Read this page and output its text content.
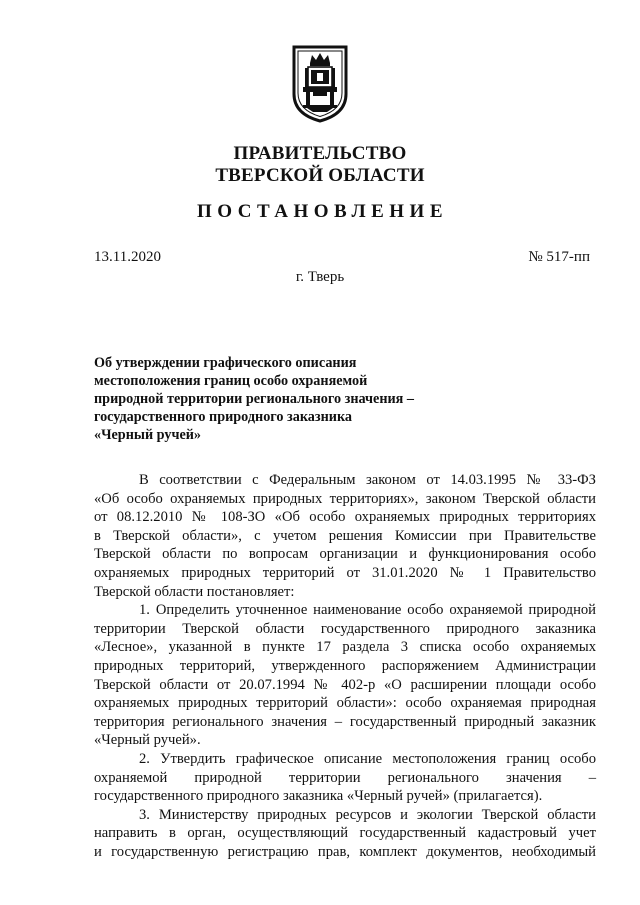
ПРАВИТЕЛЬСТВО
ТВЕРСКОЙ ОБЛАСТИ
ПОСТАНОВЛЕНИЕ
13.11.2020	№ 517-пп
г. Тверь
Об утверждении графического описания
местоположения границ особо охраняемой
природной территории регионального значения –
государственного природного заказника
«Черный ручей»
В соответствии с Федеральным законом от 14.03.1995 № 33-ФЗ
«Об особо охраняемых природных территориях», законом Тверской области
от 08.12.2010 № 108-ЗО «Об особо охраняемых природных территориях
в Тверской области», с учетом решения Комиссии при Правительстве
Тверской области по вопросам организации и функционирования особо
охраняемых природных территорий от 31.01.2020 № 1 Правительство
Тверской области постановляет:
1. Определить уточненное наименование особо охраняемой природной
территории Тверской области государственного природного заказника
«Лесное», указанной в пункте 17 раздела 3 списка особо охраняемых
природных территорий, утвержденного распоряжением Администрации
Тверской области от 20.07.1994 № 402-р «О расширении площади особо
охраняемых природных территорий области»: особо охраняемая природная
территория регионального значения – государственный природный заказник
«Черный ручей».
2. Утвердить графическое описание местоположения границ особо
охраняемой природной территории регионального значения –
государственного природного заказника «Черный ручей» (прилагается).
3. Министерству природных ресурсов и экологии Тверской области
направить в орган, осуществляющий государственный кадастровый учет
и государственную регистрацию прав, комплект документов, необходимый
